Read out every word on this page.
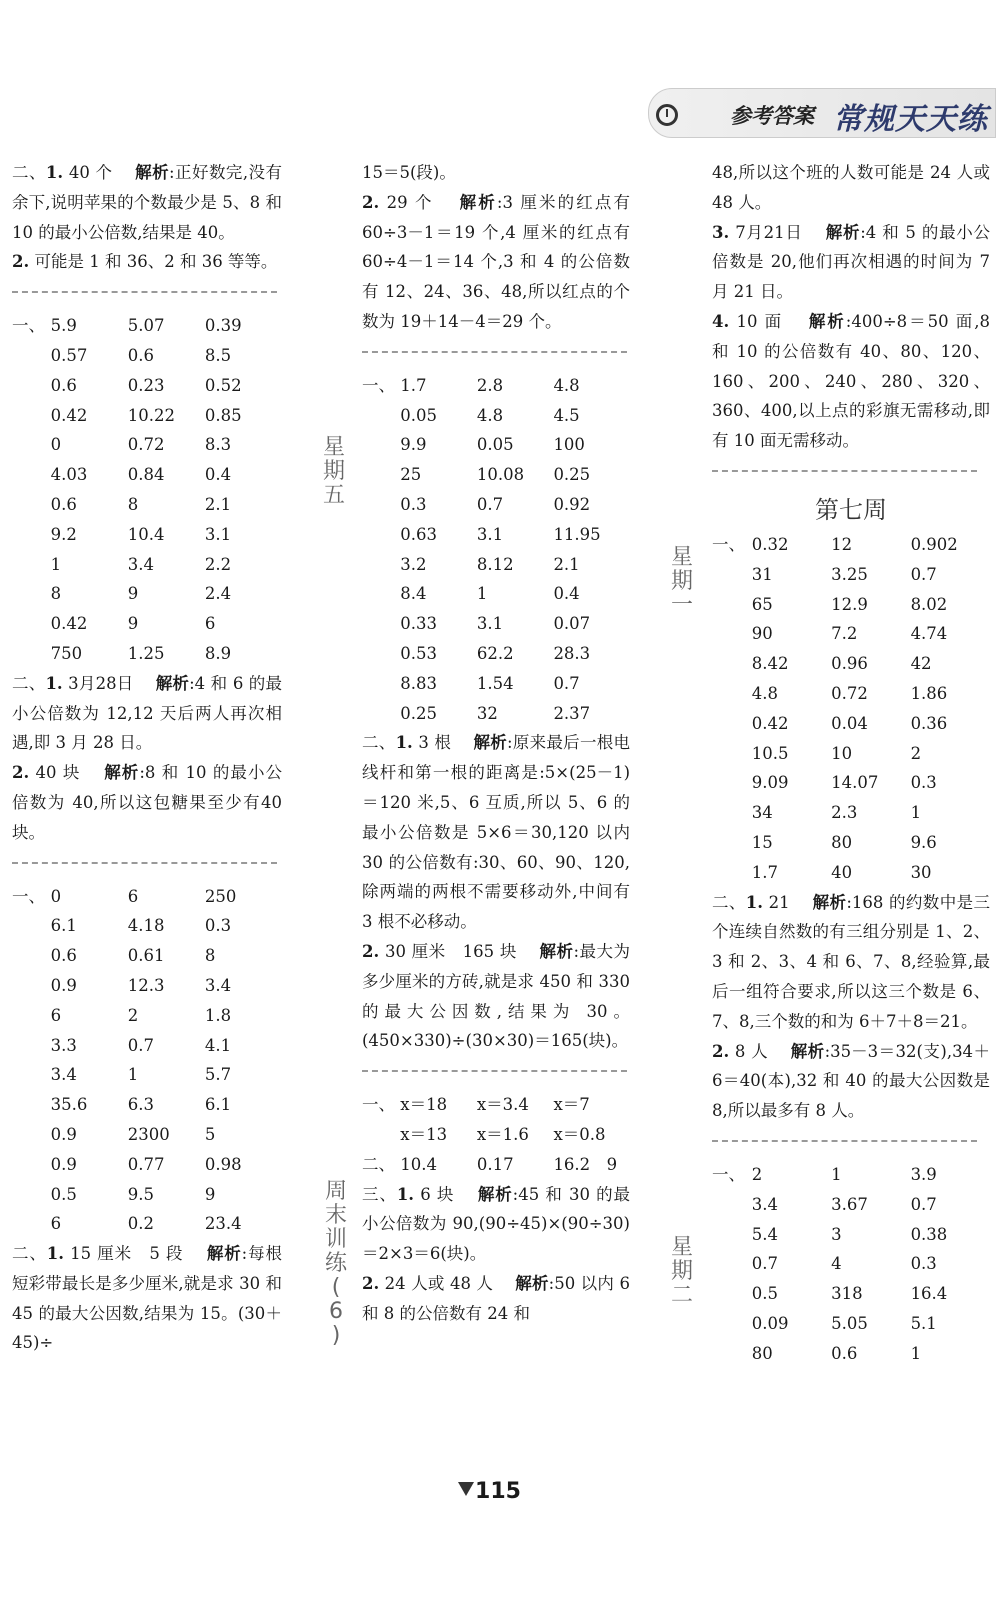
参考答案 常规天天练
二、1. 40 个　 解析:正好数完,没有余下,说明苹果的个数最少是 5、8 和 10 的最小公倍数,结果是 40。
2. 可能是 1 和 36、2 和 36 等等。
一、 5.9	5.07	0.39
0.57	0.6	8.5
0.6	0.23	0.52
0.42	10.22	0.85
0	0.72	8.3
4.03	0.84	0.4
0.6	8	2.1
9.2	10.4	3.1
1	3.4	2.2
8	9	2.4
0.42	9	6
750	1.25	8.9
二、1. 3月28日　 解析:4 和 6 的最小公倍数为 12,12 天后两人再次相遇,即 3 月 28 日。
2. 40 块　 解析:8 和 10 的最小公倍数为 40,所以这包糖果至少有40块。
一、 0	6	250
6.1	4.18	0.3
0.6	0.61	8
0.9	12.3	3.4
6	2	1.8
3.3	0.7	4.1
3.4	1	5.7
35.6	6.3	6.1
0.9	2300	5
0.9	0.77	0.98
0.5	9.5	9
6	0.2	23.4
二、1. 15 厘米　5 段　 解析:每根短彩带最长是多少厘米,就是求 30 和 45 的最大公因数,结果为 15。(30＋45)÷
15＝5(段)。
2. 29 个　 解析:3 厘米的红点有 60÷3－1＝19 个,4 厘米的红点有 60÷4－1＝14 个,3 和 4 的公倍数有 12、24、36、48,所以红点的个数为 19＋14－4＝29 个。
一、 1.7	2.8	4.8
0.05	4.8	4.5
9.9	0.05	100
25	10.08	0.25
0.3	0.7	0.92
0.63	3.1	11.95
3.2	8.12	2.1
8.4	1	0.4
0.33	3.1	0.07
0.53	62.2	28.3
8.83	1.54	0.7
0.25	32	2.37
二、1. 3 根　 解析:原来最后一根电线杆和第一根的距离是:5×(25－1)＝120 米,5、6 互质,所以 5、6 的最小公倍数是 5×6＝30,120 以内 30 的公倍数有:30、60、90、120,除两端的两根不需要移动外,中间有 3 根不必移动。
2. 30 厘米　165 块　 解析:最大为多少厘米的方砖,就是求 450 和 330 的最大公因数,结果为 30。(450×330)÷(30×30)＝165(块)。
一、 x＝18	x＝3.4	x＝7
x＝13	x＝1.6	x＝0.8
二、 10.4	0.17	16.2　9
三、1. 6 块　 解析:45 和 30 的最小公倍数为 90,(90÷45)×(90÷30)＝2×3＝6(块)。
2. 24 人或 48 人　 解析:50 以内 6 和 8 的公倍数有 24 和
48,所以这个班的人数可能是 24 人或 48 人。
3. 7月21日　 解析:4 和 5 的最小公倍数是 20,他们再次相遇的时间为 7 月 21 日。
4. 10 面　 解析:400÷8＝50 面,8 和 10 的公倍数有 40、80、120、160、200、240、280、320、360、400,以上点的彩旗无需移动,即有 10 面无需移动。
第七周
一、 0.32	12	0.902
31	3.25	0.7
65	12.9	8.02
90	7.2	4.74
8.42	0.96	42
4.8	0.72	1.86
0.42	0.04	0.36
10.5	10	2
9.09	14.07	0.3
34	2.3	1
15	80	9.6
1.7	40	30
二、1. 21　 解析:168 的约数中是三个连续自然数的有三组分别是 1、2、3 和 2、3、4 和 6、7、8,经验算,最后一组符合要求,所以这三个数是 6、7、8,三个数的和为 6＋7＋8＝21。
2. 8 人　 解析:35－3＝32(支),34＋6＝40(本),32 和 40 的最大公因数是 8,所以最多有 8 人。
一、 2	1	3.9
3.4	3.67	0.7
5.4	3	0.38
0.7	4	0.3
0.5	318	16.4
0.09	5.05	5.1
80	0.6	1
星
期
五
周
末
训
练
(
6
)
星
期
一
星
期
二
115
